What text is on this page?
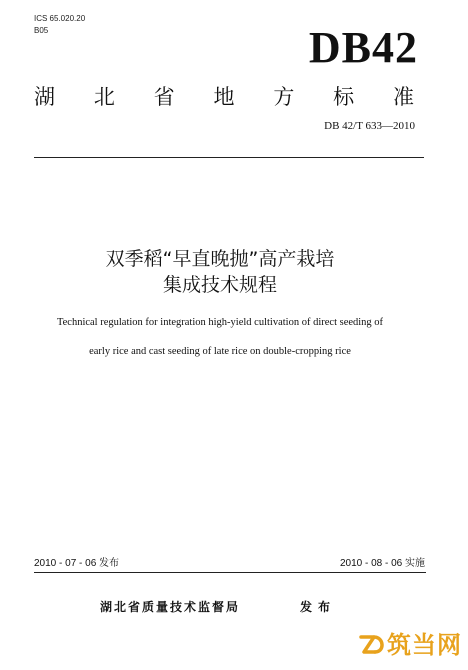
ICS 65.020.20
B05	DB42
湖 北 省 地 方 标 准
DB 42/T 633—2010
双季稻“早直晚抛”高产栽培
集成技术规程
Technical regulation for integration high-yield cultivation of direct seeding of
early rice and cast seeding of late rice on double-cropping rice
2010 - 07 - 06 发布	2010 - 08 - 06 实施
湖北省质量技术监督局	发布
筑当网
